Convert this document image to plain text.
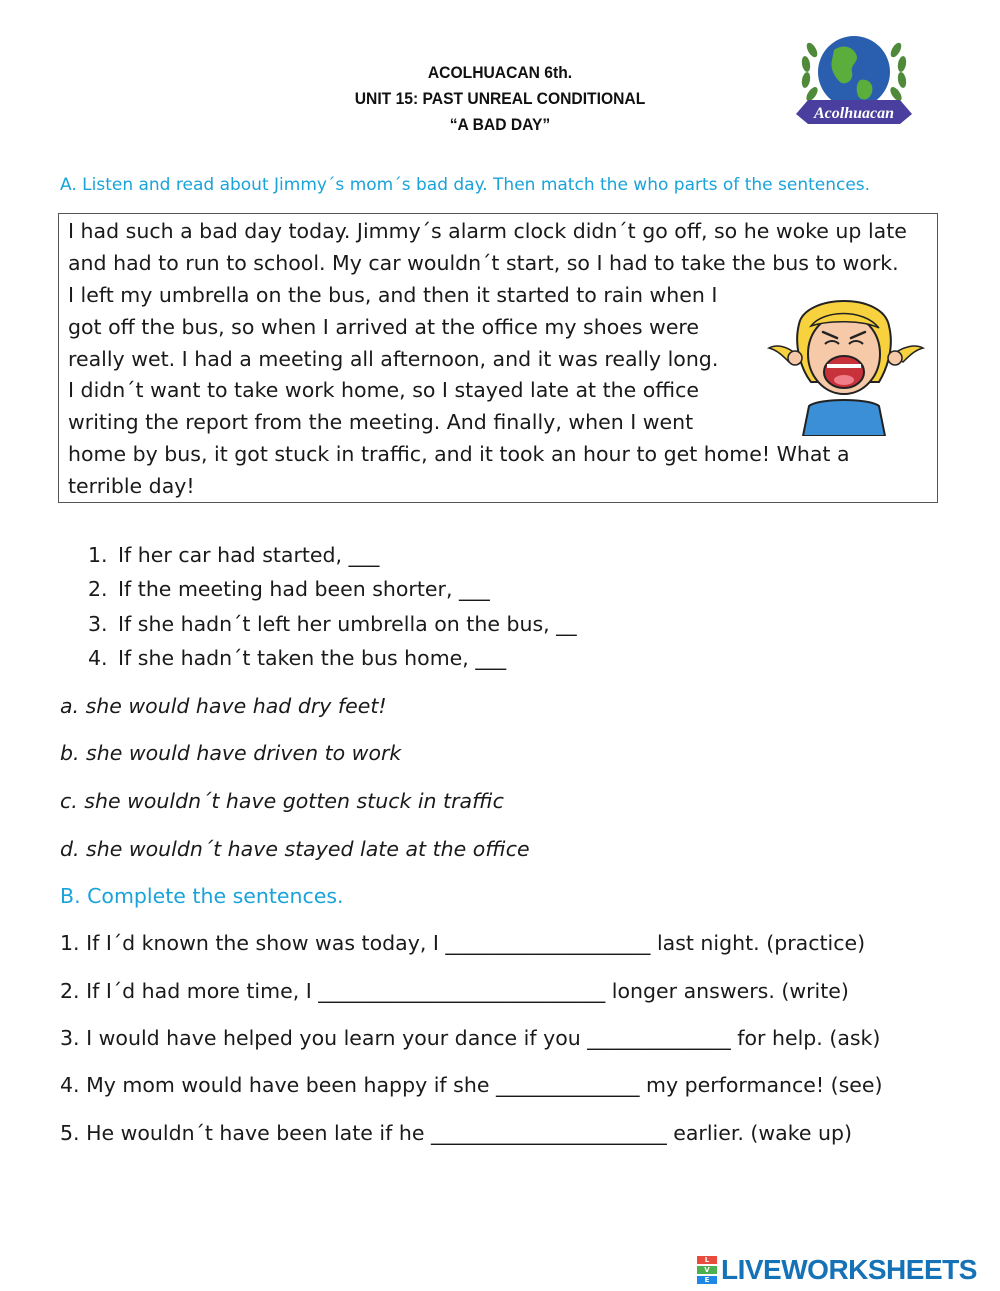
ACOLHUACAN 6th.
UNIT 15: PAST UNREAL CONDITIONAL
“A BAD DAY”
Acolhuacan
A. Listen and read about Jimmy´s mom´s bad day. Then match the who parts of the sentences.
I had such a bad day today. Jimmy´s alarm clock didn´t go off, so he woke up late
and had to run to school. My car wouldn´t start, so I had to take the bus to work.
I left my umbrella on the bus, and then it started to rain when I
got off the bus, so when I arrived at the office my shoes were
really wet. I had a meeting all afternoon, and it was really long.
I didn´t want to take work home, so I stayed late at the office
writing the report from the meeting. And finally, when I went
home by bus, it got stuck in traffic, and it took an hour to get home! What a
terrible day!
1. If her car had started, ___
2. If the meeting had been shorter, ___
3. If she hadn´t left her umbrella on the bus, __
4. If she hadn´t taken the bus home, ___
a. she would have had dry feet!
b. she would have driven to work
c. she wouldn´t have gotten stuck in traffic
d. she wouldn´t have stayed late at the office
B. Complete the sentences.
1. If I´d known the show was today, I ____________________ last night. (practice)
2. If I´d had more time, I ____________________________ longer answers. (write)
3. I would have helped you learn your dance if you ______________ for help. (ask)
4. My mom would have been happy if she ______________ my performance! (see)
5. He wouldn´t have been late if he _______________________ earlier. (wake up)
L
V
E LIVEWORKSHEETS
